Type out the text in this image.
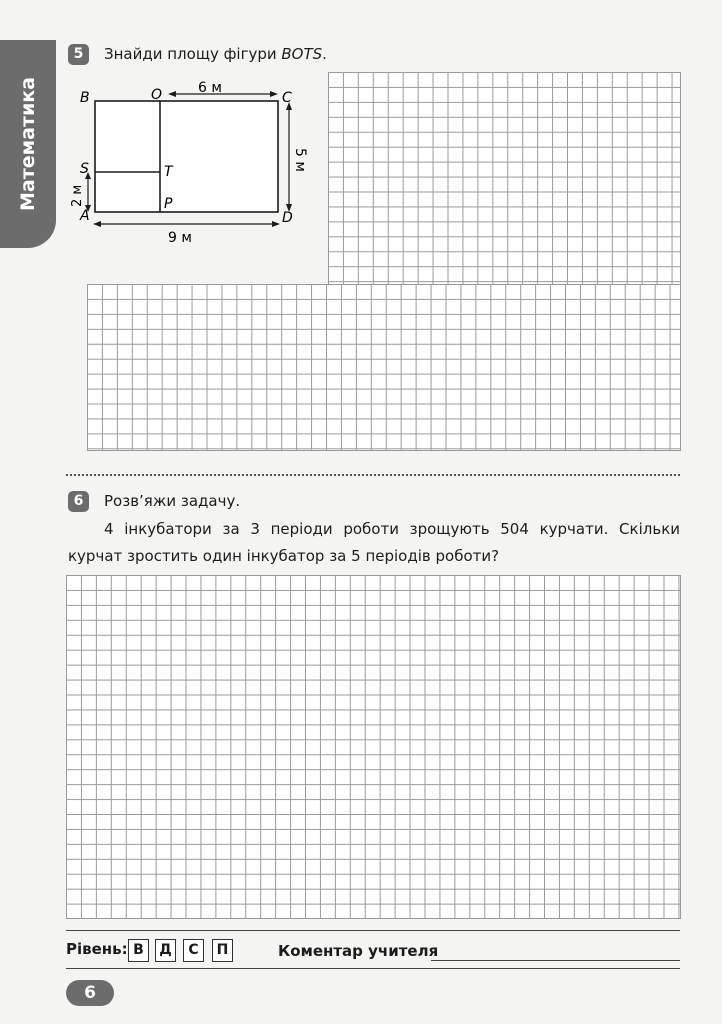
Математика
5	Знайди площу фігури BOTS.
B	O	C
S	T
A
P
D
6 м
9 м
5 м
2 м
6	Розв’яжи задачу.
4 інкубатори за 3 періоди роботи зрощують 504 курчати. Скільки курчат зростить один інкубатор за 5 періодів роботи?
Рівень: В	Д	С	П	Коментар учителя
6
